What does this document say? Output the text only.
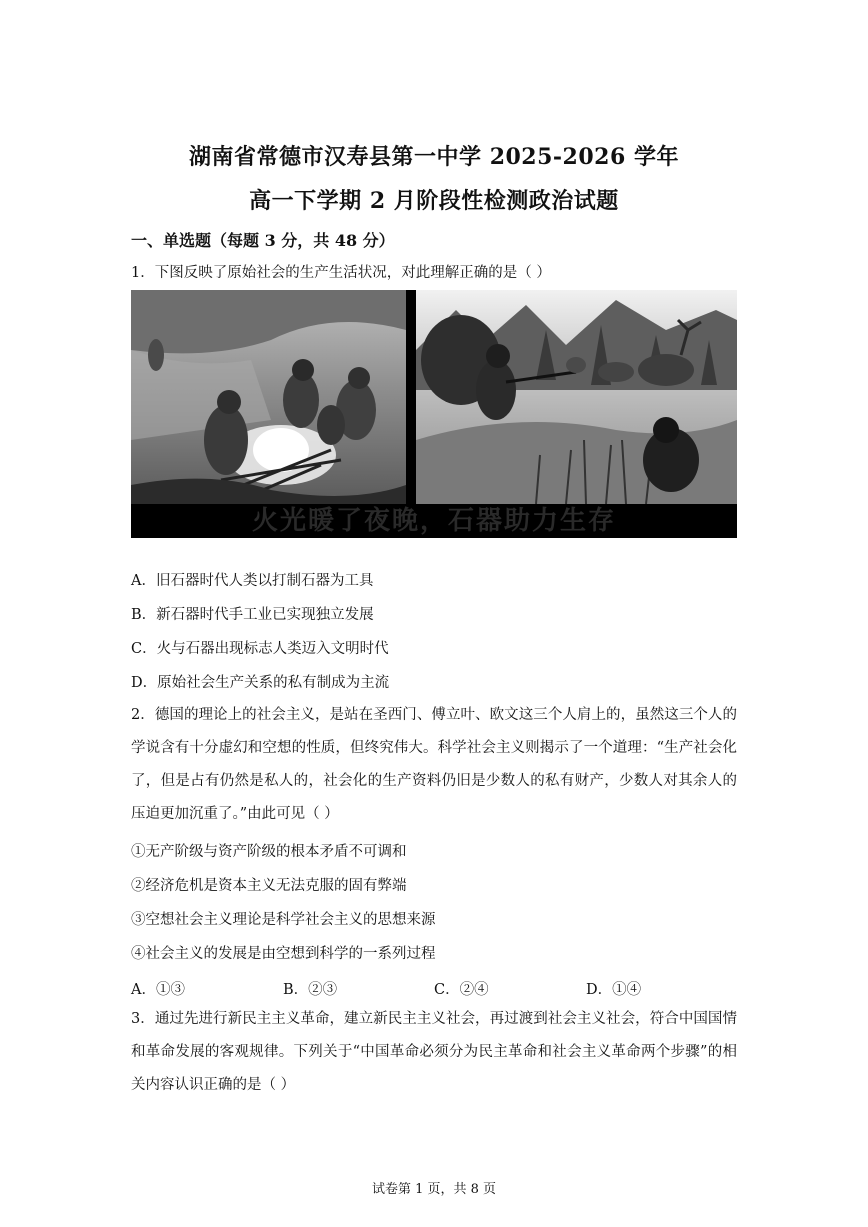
湖南省常德市汉寿县第一中学 2025-2026 学年
高一下学期 2 月阶段性检测政治试题
一、单选题（每题 3 分，共 48 分）
1．下图反映了原始社会的生产生活状况，对此理解正确的是（ ）
火光暖了夜晚，石器助力生存
A．旧石器时代人类以打制石器为工具
B．新石器时代手工业已实现独立发展
C．火与石器出现标志人类迈入文明时代
D．原始社会生产关系的私有制成为主流

2．德国的理论上的社会主义，是站在圣西门、傅立叶、欧文这三个人肩上的，虽然这三个人的学说含有十分虚幻和空想的性质，但终究伟大。科学社会主义则揭示了一个道理：“生产社会化了，但是占有仍然是私人的，社会化的生产资料仍旧是少数人的私有财产，少数人对其余人的压迫更加沉重了。”由此可见（ ）

①无产阶级与资产阶级的根本矛盾不可调和
②经济危机是资本主义无法克服的固有弊端
③空想社会主义理论是科学社会主义的思想来源
④社会主义的发展是由空想到科学的一系列过程
A．①③	B．②③	C．②④	D．①④

3．通过先进行新民主主义革命，建立新民主主义社会，再过渡到社会主义社会，符合中国国情和革命发展的客观规律。下列关于“中国革命必须分为民主革命和社会主义革命两个步骤”的相关内容认识正确的是（ ）

试卷第 1 页，共 8 页
